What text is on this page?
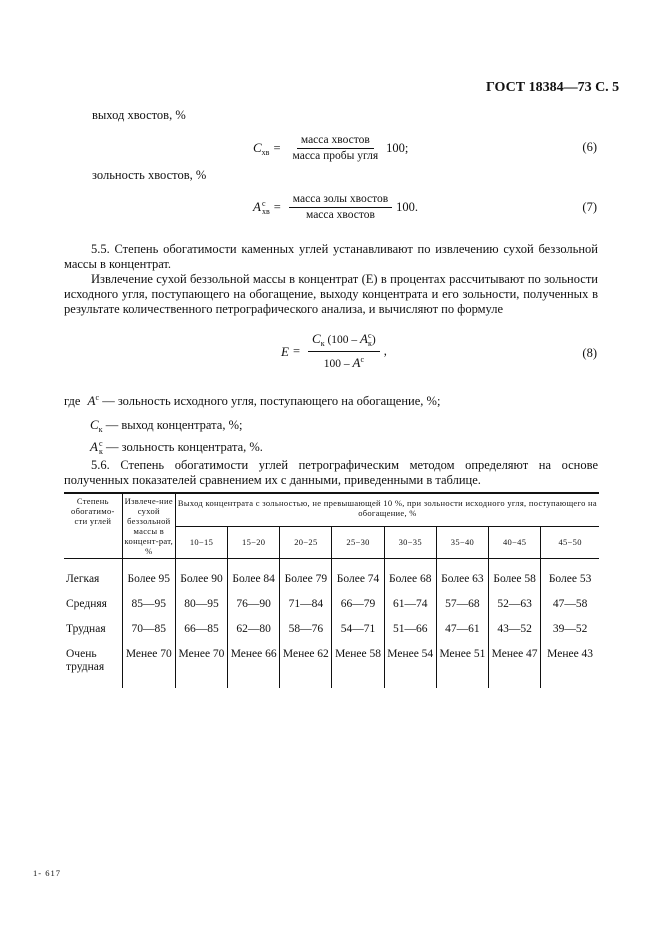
ГОСТ 18384—73 С. 5
выход хвостов, %
$C_{хв} = \frac{\text{масса хвостов}}{\text{масса пробы угля}} 100$;	(6)
зольность хвостов, %
A c
хв = $\frac{\text{масса золы хвостов}}{\text{масса хвостов}} 100$.	(7)
5.5. Степень обогатимости каменных углей устанавливают по извлечению сухой беззольной массы в концентрат.
Извлечение сухой беззольной массы в концентрат (E) в процентах рассчитывают по зольности исходного угля, поступающего на обогащение, выходу концентрата и его зольности, полученных в результате количественного петрографического анализа, и вычисляют по формуле
$E = C_к$ (100 – A c
к )
$100 - A^c$ ,	(8)
где $A^c$ — зольность исходного угля, поступающего на обогащение, %;
$C_к$ — выход концентрата, %;
A c
к — зольность концентрата, %.
5.6. Степень обогатимости углей петрографическим методом определяют на основе полученных показателей сравнением их с данными, приведенными в таблице.
Степень обогатимо-сти углей	Извлече-ние сухой беззольной массы в концент-рат, %	Выход концентрата с зольностью, не превышающей 10 %, при зольности исходного угля, поступающего на обогащение, %							
		10−15	15−20	20−25	25−30	30−35	35−40	40−45	45−50
Легкая	Более 95	Более 90	Более 84	Более 79	Более 74	Более 68	Более 63	Более 58	Более 53
Средняя	85—95	80—95	76—90	71—84	66—79	61—74	57—68	52—63	47—58
Трудная	70—85	66—85	62—80	58—76	54—71	51—66	47—61	43—52	39—52
Очень трудная	Менее 70	Менее 70	Менее 66	Менее 62	Менее 58	Менее 54	Менее 51	Менее 47	Менее 43
1- 617
